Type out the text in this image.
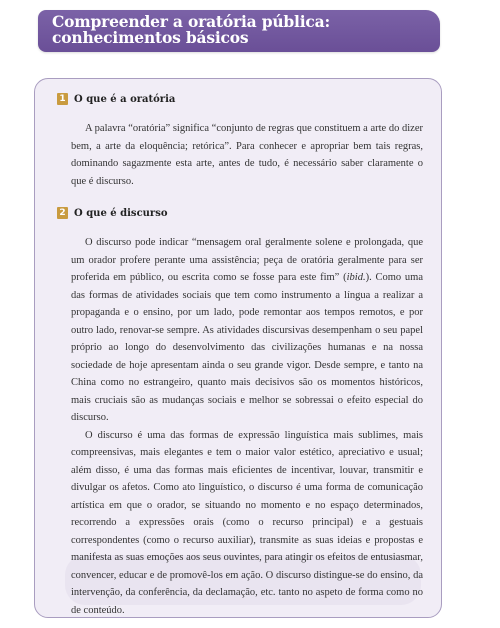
Compreender a oratória pública: conhecimentos básicos
1 O que é a oratória

A palavra “oratória” significa “conjunto de regras que constituem a arte do dizer bem, a arte da eloquência; retórica”. Para conhecer e apropriar bem tais regras, dominando sagazmente esta arte, antes de tudo, é necessário saber claramente o que é discurso.

2 O que é discurso

O discurso pode indicar “mensagem oral geralmente solene e prolongada, que um orador profere perante uma assistência; peça de oratória geralmente para ser proferida em público, ou escrita como se fosse para este fim” (ibid.). Como uma das formas de atividades sociais que tem como instrumento a língua a realizar a propaganda e o ensino, por um lado, pode remontar aos tempos remotos, e por outro lado, renovar-se sempre. As atividades discursivas desempenham o seu papel próprio ao longo do desenvolvimento das civilizações humanas e na nossa sociedade de hoje apresentam ainda o seu grande vigor. Desde sempre, e tanto na China como no estrangeiro, quanto mais decisivos são os momentos históricos, mais cruciais são as mudanças sociais e melhor se sobressai o efeito especial do discurso.

O discurso é uma das formas de expressão linguística mais sublimes, mais compreensivas, mais elegantes e tem o maior valor estético, apreciativo e usual; além disso, é uma das formas mais eficientes de incentivar, louvar, transmitir e divulgar os afetos. Como ato linguístico, o discurso é uma forma de comunicação artística em que o orador, se situando no momento e no espaço determinados, recorrendo a expressões orais (como o recurso principal) e a gestuais correspondentes (como o recurso auxiliar), transmite as suas ideias e propostas e manifesta as suas emoções aos seus ouvintes, para atingir os efeitos de entusiasmar, convencer, educar e de promovê-los em ação. O discurso distingue-se do ensino, da intervenção, da conferência, da declamação, etc. tanto no aspeto de forma como no de conteúdo.
